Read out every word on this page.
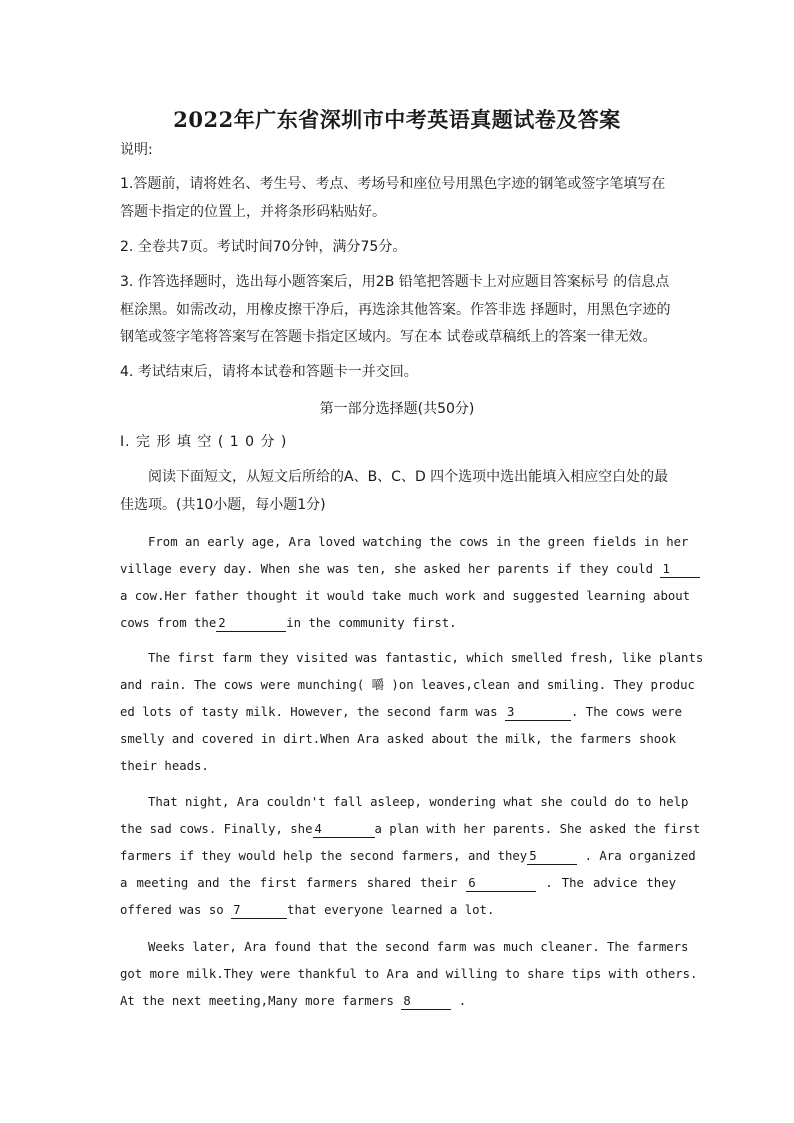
2022年广东省深圳市中考英语真题试卷及答案
说明:
1.答题前，请将姓名、考生号、考点、考场号和座位号用黑色字迹的钢笔或签字笔填写在
答题卡指定的位置上，并将条形码粘贴好。
2. 全卷共7页。考试时间70分钟，满分75分。
3. 作答选择题时，选出每小题答案后，用2B 铅笔把答题卡上对应题目答案标号 的信息点
框涂黑。如需改动，用橡皮擦干净后，再选涂其他答案。作答非选 择题时，用黑色字迹的
钢笔或签字笔将答案写在答题卡指定区域内。写在本 试卷或草稿纸上的答案一律无效。
4. 考试结束后，请将本试卷和答题卡一并交回。
第一部分选择题(共50分)
I. 完 形 填 空 ( 1 0 分 )
阅读下面短文，从短文后所给的A、B、C、D 四个选项中选出能填入相应空白处的最
佳选项。(共10小题，每小题1分)
From an early age, Ara loved watching the cows in the green fields in her
village every day. When she was ten, she asked her parents if they could 1
a cow.Her father thought it would take much work and suggested learning about
cows from the 2	in the community first.
The first farm they visited was fantastic, which smelled fresh, like plants
and rain. The cows were munching( 嚼 )on leaves,clean and smiling. They produc
ed lots of tasty milk. However, the second farm was 3	. The cows were
smelly and covered in dirt.When Ara asked about the milk, the farmers shook
their heads.
That night, Ara couldn't fall asleep, wondering what she could do to help
the sad cows. Finally, she 4	a plan with her parents. She asked the first
farmers if they would help the second farmers, and they 5	. Ara organized
a meeting and the first farmers shared their 6	. The advice they
offered was so 7	that everyone learned a lot.
Weeks later, Ara found that the second farm was much cleaner. The farmers
got more milk.They were thankful to Ara and willing to share tips with others.
At the next meeting,Many more farmers 8	.
